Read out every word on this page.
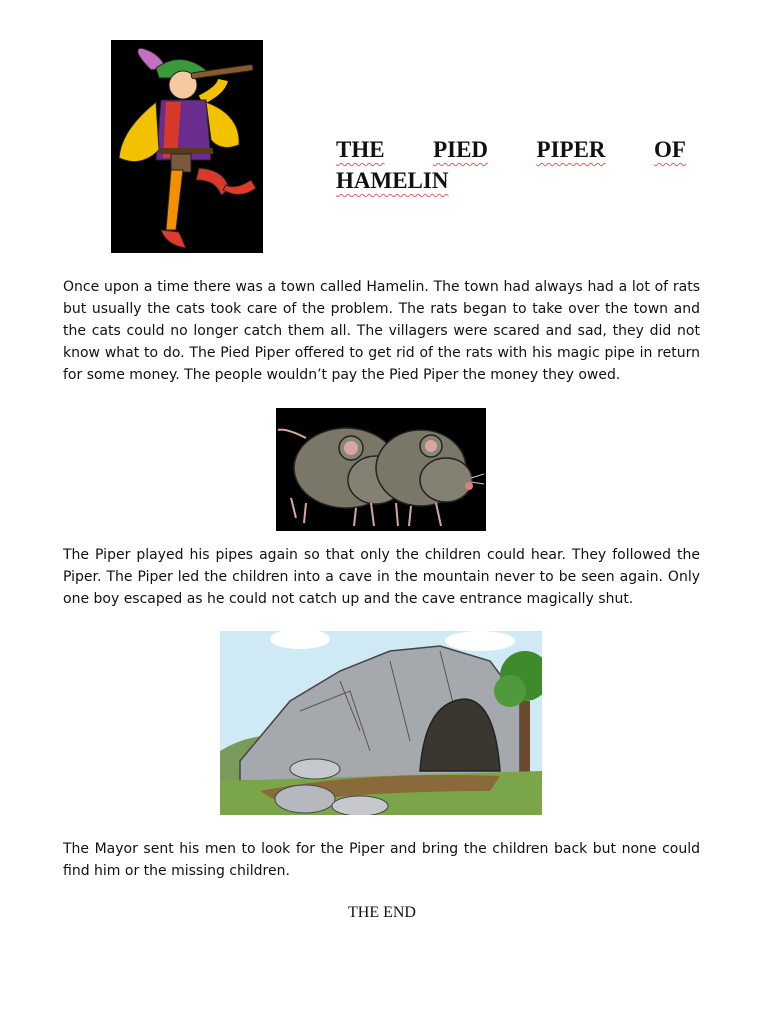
THE PIED PIPER OF
HAMELIN
Once upon a time there was a town called Hamelin. The town had always had a lot of rats but usually the cats took care of the problem. The rats began to take over the town and the cats could no longer catch them all. The villagers were scared and sad, they did not know what to do. The Pied Piper offered to get rid of the rats with his magic pipe in return for some money. The people wouldn’t pay the Pied Piper the money they owed.
The Piper played his pipes again so that only the children could hear. They followed the Piper. The Piper led the children into a cave in the mountain never to be seen again. Only one boy escaped as he could not catch up and the cave entrance magically shut.
The Mayor sent his men to look for the Piper and bring the children back but none could find him or the missing children.
THE END
